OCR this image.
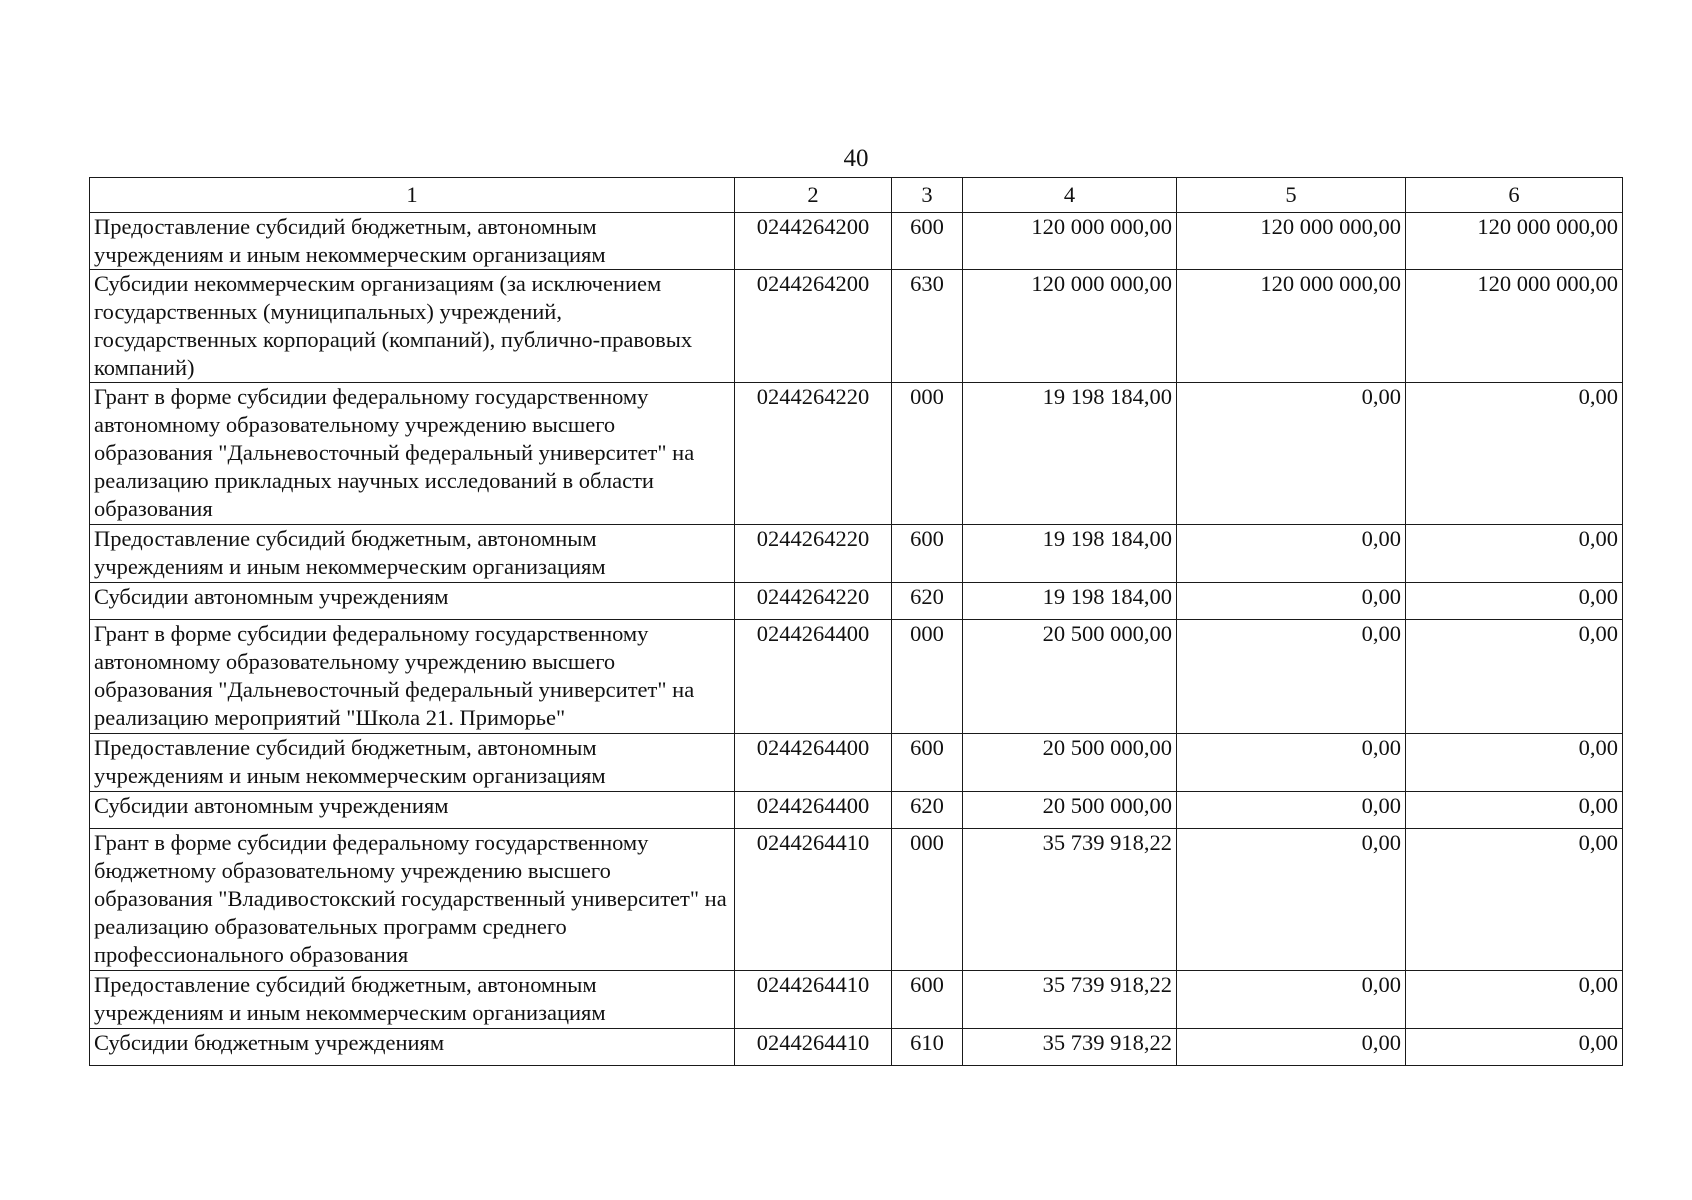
40
1	2	3	4	5	6
Предоставление субсидий бюджетным, автономным учреждениям и иным некоммерческим организациям	0244264200	600	120 000 000,00	120 000 000,00	120 000 000,00
Субсидии некоммерческим организациям (за исключением государственных (муниципальных) учреждений, государственных корпораций (компаний), публично-правовых компаний)	0244264200	630	120 000 000,00	120 000 000,00	120 000 000,00
Грант в форме субсидии федеральному государственному автономному образовательному учреждению высшего образования "Дальневосточный федеральный университет" на реализацию прикладных научных исследований в области образования	0244264220	000	19 198 184,00	0,00	0,00
Предоставление субсидий бюджетным, автономным учреждениям и иным некоммерческим организациям	0244264220	600	19 198 184,00	0,00	0,00
Субсидии автономным учреждениям	0244264220	620	19 198 184,00	0,00	0,00
Грант в форме субсидии федеральному государственному автономному образовательному учреждению высшего образования "Дальневосточный федеральный университет" на реализацию мероприятий "Школа 21. Приморье"	0244264400	000	20 500 000,00	0,00	0,00
Предоставление субсидий бюджетным, автономным учреждениям и иным некоммерческим организациям	0244264400	600	20 500 000,00	0,00	0,00
Субсидии автономным учреждениям	0244264400	620	20 500 000,00	0,00	0,00
Грант в форме субсидии федеральному государственному бюджетному образовательному учреждению высшего образования "Владивостокский государственный университет" на реализацию образовательных программ среднего профессионального образования	0244264410	000	35 739 918,22	0,00	0,00
Предоставление субсидий бюджетным, автономным учреждениям и иным некоммерческим организациям	0244264410	600	35 739 918,22	0,00	0,00
Субсидии бюджетным учреждениям	0244264410	610	35 739 918,22	0,00	0,00
